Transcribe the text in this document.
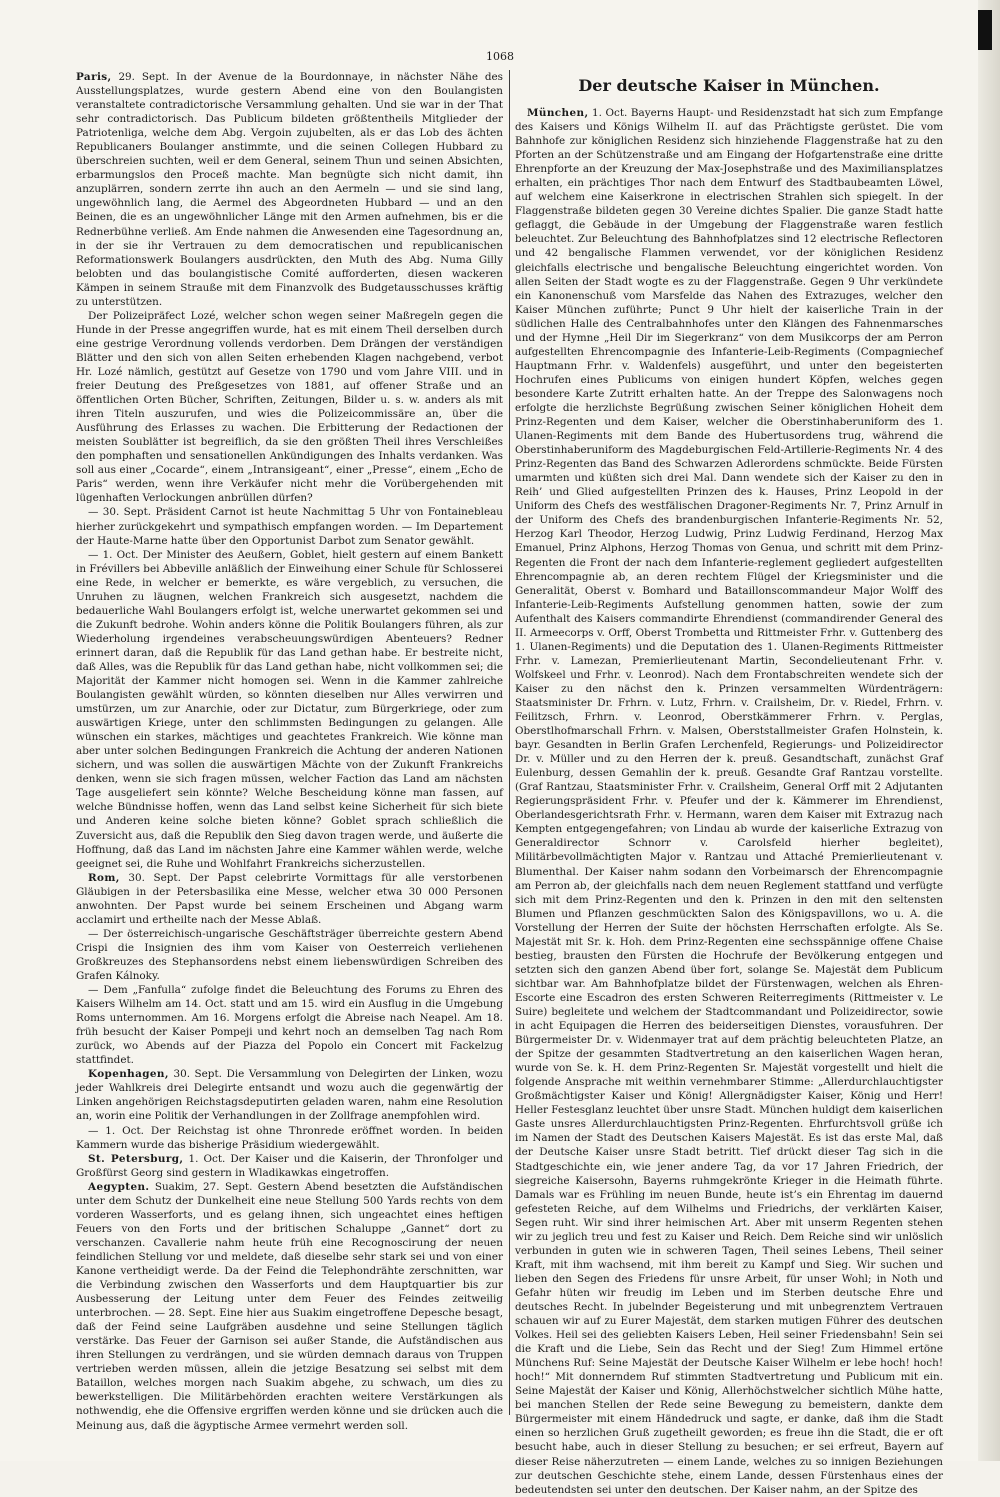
1068

Paris, 29. Sept. In der Avenue de la Bourdonnaye, in nächster Nähe des Ausstellungsplatzes, wurde gestern Abend eine von den Boulangisten veranstaltete contradictorische Versammlung gehalten. Und sie war in der That sehr contradictorisch. Das Publicum bildeten größtentheils Mitglieder der Patriotenliga, welche dem Abg. Vergoin zujubelten, als er das Lob des ächten Republicaners Boulanger anstimmte, und die seinen Collegen Hubbard zu überschreien suchten, weil er dem General, seinem Thun und seinen Absichten, erbarmungslos den Proceß machte. Man begnügte sich nicht damit, ihn anzuplärren, sondern zerrte ihn auch an den Aermeln — und sie sind lang, ungewöhnlich lang, die Aermel des Abgeordneten Hubbard — und an den Beinen, die es an ungewöhnlicher Länge mit den Armen aufnehmen, bis er die Rednerbühne verließ. Am Ende nahmen die Anwesenden eine Tagesordnung an, in der sie ihr Vertrauen zu dem democratischen und republicanischen Reformationswerk Boulangers ausdrückten, den Muth des Abg. Numa Gilly belobten und das boulangistische Comité aufforderten, diesen wackeren Kämpen in seinem Strauße mit dem Finanzvolk des Budgetausschusses kräftig zu unterstützen.

Der Polizeipräfect Lozé, welcher schon wegen seiner Maßregeln gegen die Hunde in der Presse angegriffen wurde, hat es mit einem Theil derselben durch eine gestrige Verordnung vollends verdorben. Dem Drängen der verständigen Blätter und den sich von allen Seiten erhebenden Klagen nachgebend, verbot Hr. Lozé nämlich, gestützt auf Gesetze von 1790 und vom Jahre VIII. und in freier Deutung des Preßgesetzes von 1881, auf offener Straße und an öffentlichen Orten Bücher, Schriften, Zeitungen, Bilder u. s. w. anders als mit ihren Titeln auszurufen, und wies die Polizeicommissäre an, über die Ausführung des Erlasses zu wachen. Die Erbitterung der Redactionen der meisten Soublätter ist begreiflich, da sie den größten Theil ihres Verschleißes den pomphaften und sensationellen Ankündigungen des Inhalts verdanken. Was soll aus einer „Cocarde“, einem „Intransigeant“, einer „Presse“, einem „Echo de Paris“ werden, wenn ihre Verkäufer nicht mehr die Vorübergehenden mit lügenhaften Verlockungen anbrüllen dürfen?

— 30. Sept. Präsident Carnot ist heute Nachmittag 5 Uhr von Fontainebleau hierher zurückgekehrt und sympathisch empfangen worden. — Im Departement der Haute-Marne hatte über den Opportunist Darbot zum Senator gewählt.

— 1. Oct. Der Minister des Aeußern, Goblet, hielt gestern auf einem Bankett in Frévillers bei Abbeville anläßlich der Einweihung einer Schule für Schlosserei eine Rede, in welcher er bemerkte, es wäre vergeblich, zu versuchen, die Unruhen zu läugnen, welchen Frankreich sich ausgesetzt, nachdem die bedauerliche Wahl Boulangers erfolgt ist, welche unerwartet gekommen sei und die Zukunft bedrohe. Wohin anders könne die Politik Boulangers führen, als zur Wiederholung irgendeines verabscheuungswürdigen Abenteuers? Redner erinnert daran, daß die Republik für das Land gethan habe. Er bestreite nicht, daß Alles, was die Republik für das Land gethan habe, nicht vollkommen sei; die Majorität der Kammer nicht homogen sei. Wenn in die Kammer zahlreiche Boulangisten gewählt würden, so könnten dieselben nur Alles verwirren und umstürzen, um zur Anarchie, oder zur Dictatur, zum Bürgerkriege, oder zum auswärtigen Kriege, unter den schlimmsten Bedingungen zu gelangen. Alle wünschen ein starkes, mächtiges und geachtetes Frankreich. Wie könne man aber unter solchen Bedingungen Frankreich die Achtung der anderen Nationen sichern, und was sollen die auswärtigen Mächte von der Zukunft Frankreichs denken, wenn sie sich fragen müssen, welcher Faction das Land am nächsten Tage ausgeliefert sein könnte? Welche Bescheidung könne man fassen, auf welche Bündnisse hoffen, wenn das Land selbst keine Sicherheit für sich biete und Anderen keine solche bieten könne? Goblet sprach schließlich die Zuversicht aus, daß die Republik den Sieg davon tragen werde, und äußerte die Hoffnung, daß das Land im nächsten Jahre eine Kammer wählen werde, welche geeignet sei, die Ruhe und Wohlfahrt Frankreichs sicherzustellen.

Rom, 30. Sept. Der Papst celebrirte Vormittags für alle verstorbenen Gläubigen in der Petersbasilika eine Messe, welcher etwa 30 000 Personen anwohnten. Der Papst wurde bei seinem Erscheinen und Abgang warm acclamirt und ertheilte nach der Messe Ablaß.

— Der österreichisch-ungarische Geschäftsträger überreichte gestern Abend Crispi die Insignien des ihm vom Kaiser von Oesterreich verliehenen Großkreuzes des Stephansordens nebst einem liebenswürdigen Schreiben des Grafen Kálnoky.

— Dem „Fanfulla“ zufolge findet die Beleuchtung des Forums zu Ehren des Kaisers Wilhelm am 14. Oct. statt und am 15. wird ein Ausflug in die Umgebung Roms unternommen. Am 16. Morgens erfolgt die Abreise nach Neapel. Am 18. früh besucht der Kaiser Pompeji und kehrt noch an demselben Tag nach Rom zurück, wo Abends auf der Piazza del Popolo ein Concert mit Fackelzug stattfindet.

Kopenhagen, 30. Sept. Die Versammlung von Delegirten der Linken, wozu jeder Wahlkreis drei Delegirte entsandt und wozu auch die gegenwärtig der Linken angehörigen Reichstagsdeputirten geladen waren, nahm eine Resolution an, worin eine Politik der Verhandlungen in der Zollfrage anempfohlen wird.

— 1. Oct. Der Reichstag ist ohne Thronrede eröffnet worden. In beiden Kammern wurde das bisherige Präsidium wiedergewählt.

St. Petersburg, 1. Oct. Der Kaiser und die Kaiserin, der Thronfolger und Großfürst Georg sind gestern in Wladikawkas eingetroffen.

Aegypten. Suakim, 27. Sept. Gestern Abend besetzten die Aufständischen unter dem Schutz der Dunkelheit eine neue Stellung 500 Yards rechts von dem vorderen Wasserforts, und es gelang ihnen, sich ungeachtet eines heftigen Feuers von den Forts und der britischen Schaluppe „Gannet“ dort zu verschanzen. Cavallerie nahm heute früh eine Recognoscirung der neuen feindlichen Stellung vor und meldete, daß dieselbe sehr stark sei und von einer Kanone vertheidigt werde. Da der Feind die Telephondrähte zerschnitten, war die Verbindung zwischen den Wasserforts und dem Hauptquartier bis zur Ausbesserung der Leitung unter dem Feuer des Feindes zeitweilig unterbrochen. — 28. Sept. Eine hier aus Suakim eingetroffene Depesche besagt, daß der Feind seine Laufgräben ausdehne und seine Stellungen täglich verstärke. Das Feuer der Garnison sei außer Stande, die Aufständischen aus ihren Stellungen zu verdrängen, und sie würden demnach daraus von Truppen vertrieben werden müssen, allein die jetzige Besatzung sei selbst mit dem Bataillon, welches morgen nach Suakim abgehe, zu schwach, um dies zu bewerkstelligen. Die Militärbehörden erachten weitere Verstärkungen als nothwendig, ehe die Offensive ergriffen werden könne und sie drücken auch die Meinung aus, daß die ägyptische Armee vermehrt werden soll.

Der deutsche Kaiser in München.

München, 1. Oct. Bayerns Haupt- und Residenzstadt hat sich zum Empfange des Kaisers und Königs Wilhelm II. auf das Prächtigste gerüstet. Die vom Bahnhofe zur königlichen Residenz sich hinziehende Flaggenstraße hat zu den Pforten an der Schützenstraße und am Eingang der Hofgartenstraße eine dritte Ehrenpforte an der Kreuzung der Max-Josephstraße und des Maximiliansplatzes erhalten, ein prächtiges Thor nach dem Entwurf des Stadtbaubeamten Löwel, auf welchem eine Kaiserkrone in electrischen Strahlen sich spiegelt. In der Flaggenstraße bildeten gegen 30 Vereine dichtes Spalier. Die ganze Stadt hatte geflaggt, die Gebäude in der Umgebung der Flaggenstraße waren festlich beleuchtet. Zur Beleuchtung des Bahnhofplatzes sind 12 electrische Reflectoren und 42 bengalische Flammen verwendet, vor der königlichen Residenz gleichfalls electrische und bengalische Beleuchtung eingerichtet worden. Von allen Seiten der Stadt wogte es zu der Flaggenstraße. Gegen 9 Uhr verkündete ein Kanonenschuß vom Marsfelde das Nahen des Extrazuges, welcher den Kaiser München zuführte; Punct 9 Uhr hielt der kaiserliche Train in der südlichen Halle des Centralbahnhofes unter den Klängen des Fahnenmarsches und der Hymne „Heil Dir im Siegerkranz“ von dem Musikcorps der am Perron aufgestellten Ehrencompagnie des Infanterie-Leib-Regiments (Compagniechef Hauptmann Frhr. v. Waldenfels) ausgeführt, und unter den begeisterten Hochrufen eines Publicums von einigen hundert Köpfen, welches gegen besondere Karte Zutritt erhalten hatte. An der Treppe des Salonwagens noch erfolgte die herzlichste Begrüßung zwischen Seiner königlichen Hoheit dem Prinz-Regenten und dem Kaiser, welcher die Oberstinhaberuniform des 1. Ulanen-Regiments mit dem Bande des Hubertusordens trug, während die Oberstinhaberuniform des Magdeburgischen Feld-Artillerie-Regiments Nr. 4 des Prinz-Regenten das Band des Schwarzen Adlerordens schmückte. Beide Fürsten umarmten und küßten sich drei Mal. Dann wendete sich der Kaiser zu den in Reih’ und Glied aufgestellten Prinzen des k. Hauses, Prinz Leopold in der Uniform des Chefs des westfälischen Dragoner-Regiments Nr. 7, Prinz Arnulf in der Uniform des Chefs des brandenburgischen Infanterie-Regiments Nr. 52, Herzog Karl Theodor, Herzog Ludwig, Prinz Ludwig Ferdinand, Herzog Max Emanuel, Prinz Alphons, Herzog Thomas von Genua, und schritt mit dem Prinz-Regenten die Front der nach dem Infanterie-reglement gegliedert aufgestellten Ehrencompagnie ab, an deren rechtem Flügel der Kriegsminister und die Generalität, Oberst v. Bomhard und Bataillonscommandeur Major Wolff des Infanterie-Leib-Regiments Aufstellung genommen hatten, sowie der zum Aufenthalt des Kaisers commandirte Ehrendienst (commandirender General des II. Armeecorps v. Orff, Oberst Trombetta und Rittmeister Frhr. v. Guttenberg des 1. Ulanen-Regiments) und die Deputation des 1. Ulanen-Regiments Rittmeister Frhr. v. Lamezan, Premierlieutenant Martin, Secondelieutenant Frhr. v. Wolfskeel und Frhr. v. Leonrod). Nach dem Frontabschreiten wendete sich der Kaiser zu den nächst den k. Prinzen versammelten Würdenträgern: Staatsminister Dr. Frhrn. v. Lutz, Frhrn. v. Crailsheim, Dr. v. Riedel, Frhrn. v. Feilitzsch, Frhrn. v. Leonrod, Oberstkämmerer Frhrn. v. Perglas, Oberstlhofmarschall Frhrn. v. Malsen, Oberststallmeister Grafen Holnstein, k. bayr. Gesandten in Berlin Grafen Lerchenfeld, Regierungs- und Polizeidirector Dr. v. Müller und zu den Herren der k. preuß. Gesandtschaft, zunächst Graf Eulenburg, dessen Gemahlin der k. preuß. Gesandte Graf Rantzau vorstellte. (Graf Rantzau, Staatsminister Frhr. v. Crailsheim, General Orff mit 2 Adjutanten Regierungspräsident Frhr. v. Pfeufer und der k. Kämmerer im Ehrendienst, Oberlandesgerichtsrath Frhr. v. Hermann, waren dem Kaiser mit Extrazug nach Kempten entgegengefahren; von Lindau ab wurde der kaiserliche Extrazug von Generaldirector Schnorr v. Carolsfeld hierher begleitet), Militärbevollmächtigten Major v. Rantzau und Attaché Premierlieutenant v. Blumenthal. Der Kaiser nahm sodann den Vorbeimarsch der Ehrencompagnie am Perron ab, der gleichfalls nach dem neuen Reglement stattfand und verfügte sich mit dem Prinz-Regenten und den k. Prinzen in den mit den seltensten Blumen und Pflanzen geschmückten Salon des Königspavillons, wo u. A. die Vorstellung der Herren der Suite der höchsten Herrschaften erfolgte. Als Se. Majestät mit Sr. k. Hoh. dem Prinz-Regenten eine sechsspännige offene Chaise bestieg, brausten den Fürsten die Hochrufe der Bevölkerung entgegen und setzten sich den ganzen Abend über fort, solange Se. Majestät dem Publicum sichtbar war. Am Bahnhofplatze bildet der Fürstenwagen, welchen als Ehren-Escorte eine Escadron des ersten Schweren Reiterregiments (Rittmeister v. Le Suire) begleitete und welchem der Stadtcommandant und Polizeidirector, sowie in acht Equipagen die Herren des beiderseitigen Dienstes, vorausfuhren. Der Bürgermeister Dr. v. Widenmayer trat auf dem prächtig beleuchteten Platze, an der Spitze der gesammten Stadtvertretung an den kaiserlichen Wagen heran, wurde von Se. k. H. dem Prinz-Regenten Sr. Majestät vorgestellt und hielt die folgende Ansprache mit weithin vernehmbarer Stimme: „Allerdurchlauchtigster Großmächtigster Kaiser und König! Allergnädigster Kaiser, König und Herr! Heller Festesglanz leuchtet über unsre Stadt. München huldigt dem kaiserlichen Gaste unsres Allerdurchlauchtigsten Prinz-Regenten. Ehrfurchtsvoll grüße ich im Namen der Stadt des Deutschen Kaisers Majestät. Es ist das erste Mal, daß der Deutsche Kaiser unsre Stadt betritt. Tief drückt dieser Tag sich in die Stadtgeschichte ein, wie jener andere Tag, da vor 17 Jahren Friedrich, der siegreiche Kaisersohn, Bayerns ruhmgekrönte Krieger in die Heimath führte. Damals war es Frühling im neuen Bunde, heute ist’s ein Ehrentag im dauernd gefesteten Reiche, auf dem Wilhelms und Friedrichs, der verklärten Kaiser, Segen ruht. Wir sind ihrer heimischen Art. Aber mit unserm Regenten stehen wir zu jeglich treu und fest zu Kaiser und Reich. Dem Reiche sind wir unlöslich verbunden in guten wie in schweren Tagen, Theil seines Lebens, Theil seiner Kraft, mit ihm wachsend, mit ihm bereit zu Kampf und Sieg. Wir suchen und lieben den Segen des Friedens für unsre Arbeit, für unser Wohl; in Noth und Gefahr hüten wir freudig im Leben und im Sterben deutsche Ehre und deutsches Recht. In jubelnder Begeisterung und mit unbegrenztem Vertrauen schauen wir auf zu Eurer Majestät, dem starken mutigen Führer des deutschen Volkes. Heil sei des geliebten Kaisers Leben, Heil seiner Friedensbahn! Sein sei die Kraft und die Liebe, Sein das Recht und der Sieg! Zum Himmel ertöne Münchens Ruf: Seine Majestät der Deutsche Kaiser Wilhelm er lebe hoch! hoch! hoch!“ Mit donnerndem Ruf stimmten Stadtvertretung und Publicum mit ein. Seine Majestät der Kaiser und König, Allerhöchstwelcher sichtlich Mühe hatte, bei manchen Stellen der Rede seine Bewegung zu bemeistern, dankte dem Bürgermeister mit einem Händedruck und sagte, er danke, daß ihm die Stadt einen so herzlichen Gruß zugetheilt geworden; es freue ihn die Stadt, die er oft besucht habe, auch in dieser Stellung zu besuchen; er sei erfreut, Bayern auf dieser Reise näherzutreten — einem Lande, welches zu so innigen Beziehungen zur deutschen Geschichte stehe, einem Lande, dessen Fürstenhaus eines der bedeutendsten sei unter den deutschen. Der Kaiser nahm, an der Spitze des
